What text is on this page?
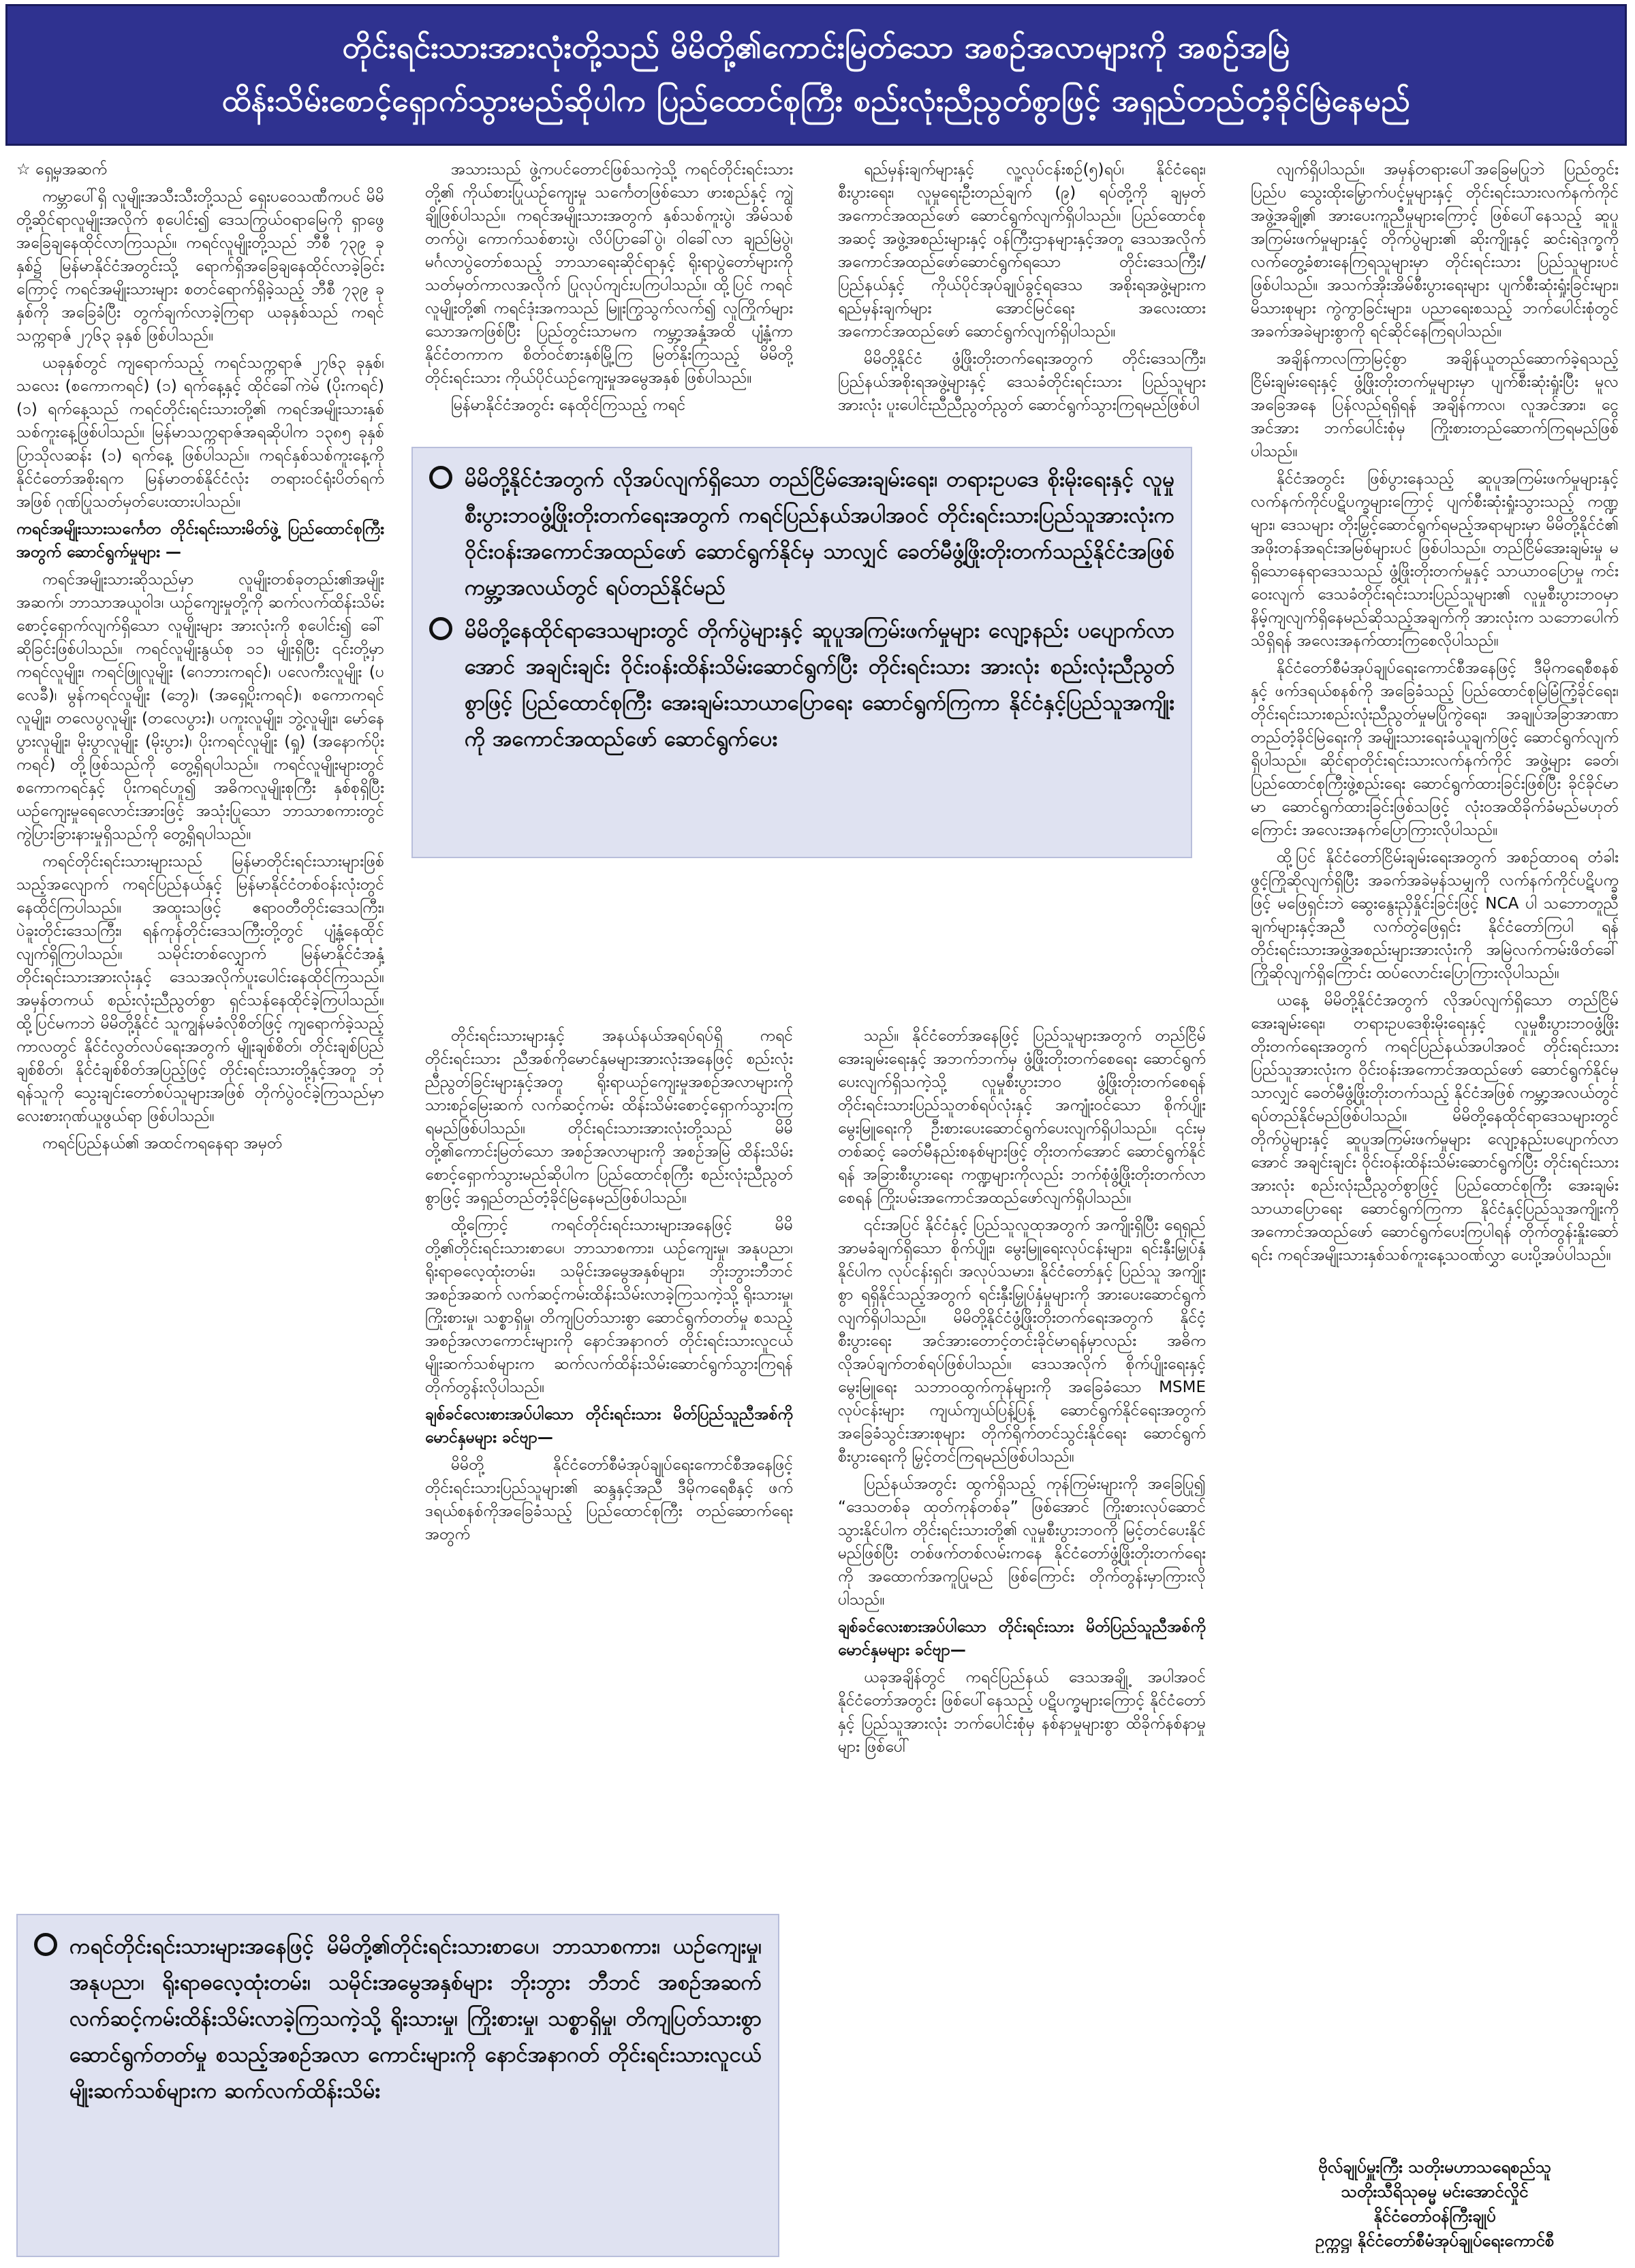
တိုင်းရင်းသားအားလုံးတို့သည် မိမိတို့၏ကောင်းမြတ်သော အစဉ်အလာများကို အစဉ်အမြဲ
ထိန်းသိမ်းစောင့်ရှောက်သွားမည်ဆိုပါက ပြည်ထောင်စုကြီး စည်းလုံးညီညွတ်စွာဖြင့် အရှည်တည်တံ့ခိုင်မြဲနေမည်

☆ ရှေ့မှအဆက်

ကမ္ဘာပေါ်ရှိ လူမျိုးအသီးသီးတို့သည် ရှေးပဝေသဏီကပင် မိမိတို့ဆိုင်ရာလူမျိုးအလိုက် စုပေါင်း၍ ဒေသကြွယ်ဝရာမြေကို ရှာဖွေအခြေချနေထိုင်လာကြသည်။ ကရင်လူမျိုးတို့သည် ဘီစီ ၇၃၉ ခုနှစ်၌ မြန်မာနိုင်ငံအတွင်းသို့ ရောက်ရှိအခြေချနေထိုင်လာခဲ့ခြင်းကြောင့် ကရင်အမျိုးသားများ စတင်ရောက်ရှိခဲ့သည့် ဘီစီ ၇၃၉ ခုနှစ်ကို အခြေခံပြီး တွက်ချက်လာခဲ့ကြရာ ယခုနှစ်သည် ကရင်သက္ကရာဇ် ၂၇၆၃ ခုနှစ် ဖြစ်ပါသည်။

ယခုနှစ်တွင် ကျရောက်သည့် ကရင်သက္ကရာဇ် ၂၇၆၃ ခုနှစ်၊ သလေး (စကောကရင်) (၁) ရက်နေ့နှင့် ထိုင်ခေါ်ကဲမ် (ပိုးကရင်) (၁) ရက်နေ့သည် ကရင်တိုင်းရင်းသားတို့၏ ကရင်အမျိုးသားနှစ်သစ်ကူးနေ့ဖြစ်ပါသည်။ မြန်မာသက္ကရာဇ်အရဆိုပါက ၁၃၈၅ ခုနှစ် ပြာသိုလဆန်း (၁) ရက်နေ့ ဖြစ်ပါသည်။ ကရင်နှစ်သစ်ကူးနေ့ကို နိုင်ငံတော်အစိုးရက မြန်မာတစ်နိုင်ငံလုံး တရားဝင်ရုံးပိတ်ရက်အဖြစ် ဂုဏ်ပြုသတ်မှတ်ပေးထားပါသည်။

ကရင်အမျိုးသားသင်္ကေတ တိုင်းရင်းသားမိတ်ဖွဲ့ ပြည်ထောင်စုကြီး အတွက် ဆောင်ရွက်မှုများ —

ကရင်အမျိုးသားဆိုသည်မှာ လူမျိုးတစ်ခုတည်း၏အမျိုးအဆက်၊ ဘာသာအယူဝါဒ၊ ယဉ်ကျေးမှုတို့ကို ဆက်လက်ထိန်းသိမ်းစောင့်ရှောက်လျက်ရှိသော လူမျိုးများ အားလုံးကို စုပေါင်း၍ ခေါ်ဆိုခြင်းဖြစ်ပါသည်။ ကရင်လူမျိုးနွယ်စု ၁၁ မျိုးရှိပြီး ၎င်းတို့မှာ ကရင်လူမျိုး၊ ကရင်ဖြူလူမျိုး (ဂေဘားကရင်)၊ ပလေကီးလူမျိုး (ပလေခီ)၊ မွန်ကရင်လူမျိုး (ဘွေ)၊ (အရှေ့ပိုးကရင်)၊ စကောကရင်လူမျိုး၊ တလေပွလူမျိုး (တလေပွား)၊ ပကူးလူမျိုး၊ ဘွဲ့လူမျိုး၊ မော်နေပွားလူမျိုး၊ မိုးပွာလူမျိုး (မိုးပွား)၊ ပိုးကရင်လူမျိုး (ရှု) (အနောက်ပိုး ကရင်) တို့ဖြစ်သည်ကို တွေ့ရှိရပါသည်။ ကရင်လူမျိုးများတွင် စကောကရင်နှင့် ပိုးကရင်ဟူ၍ အဓိကလူမျိုးစုကြီး နှစ်စုရှိပြီး ယဉ်ကျေးမှုရေလောင်းအားဖြင့် အသုံးပြုသော ဘာသာစကားတွင် ကွဲပြားခြားနားမှုရှိသည်ကို တွေ့ရှိရပါသည်။

ကရင်တိုင်းရင်းသားများသည် မြန်မာတိုင်းရင်းသားများဖြစ်သည့်အလျောက် ကရင်ပြည်နယ်နှင့် မြန်မာနိုင်ငံတစ်ဝန်းလုံးတွင် နေထိုင်ကြပါသည်။ အထူးသဖြင့် ဧရာဝတီတိုင်းဒေသကြီး၊ ပဲခူးတိုင်းဒေသကြီး၊ ရန်ကုန်တိုင်းဒေသကြီးတို့တွင် ပျံ့နှံ့နေထိုင်လျက်ရှိကြပါသည်။ သမိုင်းတစ်လျှောက် မြန်မာနိုင်ငံအနှံ့ တိုင်းရင်းသားအားလုံးနှင့် ဒေသအလိုက်ပူးပေါင်းနေထိုင်ကြသည်။ အမှန်တကယ် စည်းလုံးညီညွတ်စွာ ရှင်သန်နေထိုင်ခဲ့ကြပါသည်။ ထို့ပြင်မကဘဲ မိမိတို့နိုင်ငံ သူကျွန်မခံလိုစိတ်ဖြင့် ကျရောက်ခဲ့သည့် ကာလတွင် နိုင်ငံလွတ်လပ်ရေးအတွက် မျိုးချစ်စိတ်၊ တိုင်းချစ်ပြည်ချစ်စိတ်၊ နိုင်ငံချစ်စိတ်အပြည့်ဖြင့် တိုင်းရင်းသားတို့နှင့်အတူ ဘုံရန်သူကို သွေးချင်းတော်စပ်သူများအဖြစ် တိုက်ပွဲဝင်ခဲ့ကြသည်မှာ လေးစားဂုဏ်ယူဖွယ်ရာ ဖြစ်ပါသည်။

ကရင်ပြည်နယ်၏ အထင်ကရနေရာ အမှတ်

အသားသည် ဖွဲ့ကပင်တောင်ဖြစ်သကဲ့သို့ ကရင်တိုင်းရင်းသားတို့၏ ကိုယ်စားပြုယဉ်ကျေးမှု သင်္ကေတဖြစ်သော ဖားစည်နှင့် ကျွဲချိုဖြစ်ပါသည်။ ကရင်အမျိုးသားအတွက် နှစ်သစ်ကူးပွဲ၊ အိမ်သစ်တက်ပွဲ၊ ကောက်သစ်စားပွဲ၊ လိပ်ပြာခေါ်ပွဲ၊ ဝါခေါ်လာ ချည်မြဲပွဲ၊ မင်္ဂလာပွဲတော်စသည့် ဘာသာရေးဆိုင်ရာနှင့် ရိုးရာပွဲတော်များကို သတ်မှတ်ကာလအလိုက် ပြုလုပ်ကျင်းပကြပါသည်။ ထို့ပြင် ကရင်လူမျိုးတို့၏ ကရင်ဒုံးအကသည် မြူးကြွသွက်လက်၍ လူကြိုက်များသောအကဖြစ်ပြီး ပြည်တွင်းသာမက ကမ္ဘာ့အနှံ့အထိ ပျံ့နှံ့ကာ နိုင်ငံတကာက စိတ်ဝင်စားနှစ်မြို့ကြ မြတ်နိုးကြသည့် မိမိတို့တိုင်းရင်းသား ကိုယ်ပိုင်ယဉ်ကျေးမှုအမွေအနှစ် ဖြစ်ပါသည်။

မြန်မာနိုင်ငံအတွင်း နေထိုင်ကြသည့် ကရင်

တိုင်းရင်းသားများနှင့် အနယ်နယ်အရပ်ရပ်ရှိ ကရင်တိုင်းရင်းသား ညီအစ်ကိုမောင်နှမများအားလုံးအနေဖြင့် စည်းလုံးညီညွတ်ခြင်းများနှင့်အတူ ရိုးရာယဉ်ကျေးမှုအစဉ်အလာများကို သားစဉ်မြေးဆက် လက်ဆင့်ကမ်း ထိန်းသိမ်းစောင့်ရှောက်သွားကြရမည်ဖြစ်ပါသည်။ တိုင်းရင်းသားအားလုံးတို့သည် မိမိတို့၏ကောင်းမြတ်သော အစဉ်အလာများကို အစဉ်အမြဲ ထိန်းသိမ်းစောင့်ရှောက်သွားမည်ဆိုပါက ပြည်ထောင်စုကြီး စည်းလုံးညီညွတ်စွာဖြင့် အရှည်တည်တံ့ခိုင်မြဲနေမည်ဖြစ်ပါသည်။

ထို့ကြောင့် ကရင်တိုင်းရင်းသားများအနေဖြင့် မိမိတို့၏တိုင်းရင်းသားစာပေ၊ ဘာသာစကား၊ ယဉ်ကျေးမှု၊ အနုပညာ၊ ရိုးရာဓလေ့ထုံးတမ်း၊ သမိုင်းအမွေအနှစ်များ၊ ဘိုးဘွားဘီဘင် အစဉ်အဆက် လက်ဆင့်ကမ်းထိန်းသိမ်းလာခဲ့ကြသကဲ့သို့ ရိုးသားမှု၊ ကြိုးစားမှု၊ သစ္စာရှိမှု၊ တိကျပြတ်သားစွာ ဆောင်ရွက်တတ်မှု စသည့် အစဉ်အလာကောင်းများကို နောင်အနာဂတ် တိုင်းရင်းသားလူငယ်မျိုးဆက်သစ်များက ဆက်လက်ထိန်းသိမ်းဆောင်ရွက်သွားကြရန် တိုက်တွန်းလိုပါသည်။

ချစ်ခင်လေးစားအပ်ပါသော တိုင်းရင်းသား မိတ်ပြည်သူညီအစ်ကို မောင်နှမများ ခင်ဗျာ—

မိမိတို့ နိုင်ငံတော်စီမံအုပ်ချုပ်ရေးကောင်စီအနေဖြင့် တိုင်းရင်းသားပြည်သူများ၏ ဆန္ဒနှင့်အညီ ဒီမိုကရေစီနှင့် ဖက်ဒရယ်စနစ်ကိုအခြေခံသည့် ပြည်ထောင်စုကြီး တည်ဆောက်ရေးအတွက်

ရည်မှန်းချက်များနှင့် လူ့လုပ်ငန်းစဉ်(၅)ရပ်၊ နိုင်ငံရေး၊ စီးပွားရေး၊ လူမှုရေးဦးတည်ချက် (၉) ရပ်တို့ကို ချမှတ်အကောင်အထည်ဖော် ဆောင်ရွက်လျက်ရှိပါသည်။ ပြည်ထောင်စုအဆင့် အဖွဲ့အစည်းများနှင့် ဝန်ကြီးဌာနများနှင့်အတူ ဒေသအလိုက် အကောင်အထည်ဖော်ဆောင်ရွက်ရသော တိုင်းဒေသကြီး/ ပြည်နယ်နှင့် ကိုယ်ပိုင်အုပ်ချုပ်ခွင့်ရဒေသ အစိုးရအဖွဲ့များက ရည်မှန်းချက်များ အောင်မြင်ရေး အလေးထားအကောင်အထည်ဖော် ဆောင်ရွက်လျက်ရှိပါသည်။

မိမိတို့နိုင်ငံ ဖွံ့ဖြိုးတိုးတက်ရေးအတွက် တိုင်းဒေသကြီး၊ ပြည်နယ်အစိုးရအဖွဲ့များနှင့် ဒေသခံတိုင်းရင်းသား ပြည်သူများအားလုံး ပူးပေါင်းညီညီညွတ်ညွတ် ဆောင်ရွက်သွားကြရမည်ဖြစ်ပါ

သည်။ နိုင်ငံတော်အနေဖြင့် ပြည်သူများအတွက် တည်ငြိမ်အေးချမ်းရေးနှင့် အဘက်ဘက်မှ ဖွံ့ဖြိုးတိုးတက်စေရေး ဆောင်ရွက်ပေးလျက်ရှိသကဲ့သို့ လူမှုစီးပွားဘဝ ဖွံ့ဖြိုးတိုးတက်စေရန် တိုင်းရင်းသားပြည်သူတစ်ရပ်လုံးနှင့် အကျုံးဝင်သော စိုက်ပျိုးမွေးမြူရေးကို ဦးစားပေးဆောင်ရွက်ပေးလျက်ရှိပါသည်။ ၎င်းမှတစ်ဆင့် ခေတ်မီနည်းစနစ်များဖြင့် တိုးတက်အောင် ဆောင်ရွက်နိုင်ရန် အခြားစီးပွားရေး ကဏ္ဍများကိုလည်း ဘက်စုံဖွံ့ဖြိုးတိုးတက်လာစေရန် ကြိုးပမ်းအကောင်အထည်ဖော်လျက်ရှိပါသည်။

၎င်းအပြင် နိုင်ငံနှင့် ပြည်သူလူထုအတွက် အကျိုးရှိပြီး ရေရှည်အာမခံချက်ရှိသော စိုက်ပျိုး၊ မွေးမြူရေးလုပ်ငန်းများ၊ ရင်းနှီးမြှုပ်နှံနိုင်ပါက လုပ်ငန်းရှင်၊ အလုပ်သမား၊ နိုင်ငံတော်နှင့် ပြည်သူ အကျိုးစွာ ရရှိနိုင်သည့်အတွက် ရင်းနှီးမြှုပ်နှံမှုများကို အားပေးဆောင်ရွက်လျက်ရှိပါသည်။ မိမိတို့နိုင်ငံဖွံ့ဖြိုးတိုးတက်ရေးအတွက် နိုင်ငံ့စီးပွားရေး အင်အားတောင့်တင်းခိုင်မာရန်မှာလည်း အဓိကလိုအပ်ချက်တစ်ရပ်ဖြစ်ပါသည်။ ဒေသအလိုက် စိုက်ပျိုးရေးနှင့် မွေးမြူရေး သဘာဝထွက်ကုန်များကို အခြေခံသော MSME လုပ်ငန်းများ ကျယ်ကျယ်ပြန့်ပြန့် ဆောင်ရွက်နိုင်ရေးအတွက် အခြေခံသွင်းအားစုများ တိုက်ရိုက်တင်သွင်းနိုင်ရေး ဆောင်ရွက်စီးပွားရေးကို မြှင့်တင်ကြရမည်ဖြစ်ပါသည်။

ပြည်နယ်အတွင်း ထွက်ရှိသည့် ကုန်ကြမ်းများကို အခြေပြု၍ “ဒေသတစ်ခု ထုတ်ကုန်တစ်ခု” ဖြစ်အောင် ကြိုးစားလုပ်ဆောင်သွားနိုင်ပါက တိုင်းရင်းသားတို့၏ လူမှုစီးပွားဘဝကို မြင့်တင်ပေးနိုင်မည်ဖြစ်ပြီး တစ်ဖက်တစ်လမ်းကနေ နိုင်ငံတော်ဖွံ့ဖြိုးတိုးတက်ရေးကို အထောက်အကူပြုမည် ဖြစ်ကြောင်း တိုက်တွန်းမှာကြားလိုပါသည်။

ချစ်ခင်လေးစားအပ်ပါသော တိုင်းရင်းသား မိတ်ပြည်သူညီအစ်ကို မောင်နှမများ ခင်ဗျာ—

ယခုအချိန်တွင် ကရင်ပြည်နယ် ဒေသအချို့ အပါအဝင် နိုင်ငံတော်အတွင်း ဖြစ်ပေါ်နေသည့် ပဋိပက္ခများကြောင့် နိုင်ငံတော်နှင့် ပြည်သူအားလုံး ဘက်ပေါင်းစုံမှ နစ်နာမှုများစွာ ထိခိုက်နစ်နာမှုများ ဖြစ်ပေါ်

လျက်ရှိပါသည်။ အမှန်တရားပေါ်အခြေမပြုဘဲ ပြည်တွင်းပြည်ပ သွေးထိုးမြှောက်ပင့်မှုများနှင့် တိုင်းရင်းသားလက်နက်ကိုင်အဖွဲ့အချို့၏ အားပေးကူညီမှုများကြောင့် ဖြစ်ပေါ်နေသည့် ဆူပူအကြမ်းဖက်မှုများနှင့် တိုက်ပွဲများ၏ ဆိုးကျိုးနှင့် ဆင်းရဲဒုက္ခကို လက်တွေ့ခံစားနေကြရသူများမှာ တိုင်းရင်းသား ပြည်သူများပင် ဖြစ်ပါသည်။ အသက်အိုးအိမ်စီးပွားရေးများ ပျက်စီးဆုံးရှုံးခြင်းများ၊ မိသားစုများ ကွဲကွာခြင်းများ၊ ပညာရေးစသည့် ဘက်ပေါင်းစုံတွင် အခက်အခဲများစွာကို ရင်ဆိုင်နေကြရပါသည်။

အချိန်ကာလကြာမြင့်စွာ အချိန်ယူတည်ဆောက်ခဲ့ရသည့် ငြိမ်းချမ်းရေးနှင့် ဖွံ့ဖြိုးတိုးတက်မှုများမှာ ပျက်စီးဆုံးရှုံးပြီး မူလအခြေအနေ ပြန်လည်ရရှိရန် အချိန်ကာလ၊ လူအင်အား၊ ငွေအင်အား ဘက်ပေါင်းစုံမှ ကြိုးစားတည်ဆောက်ကြရမည်ဖြစ်ပါသည်။

နိုင်ငံအတွင်း ဖြစ်ပွားနေသည့် ဆူပူအကြမ်းဖက်မှုများနှင့် လက်နက်ကိုင်ပဋိပက္ခများကြောင့် ပျက်စီးဆုံးရှုံးသွားသည့် ကဏ္ဍများ၊ ဒေသများ တိုးမြှင့်ဆောင်ရွက်ရမည့်အရာများမှာ မိမိတို့နိုင်ငံ၏ အဖိုးတန်အရင်းအမြစ်များပင် ဖြစ်ပါသည်။ တည်ငြိမ်အေးချမ်းမှု မရှိသောနေရာဒေသသည် ဖွံ့ဖြိုးတိုးတက်မှုနှင့် သာယာဝပြောမှု ကင်းဝေးလျက် ဒေသခံတိုင်းရင်းသားပြည်သူများ၏ လူမှုစီးပွားဘဝမှာ နိမ့်ကျလျက်ရှိနေမည်ဆိုသည့်အချက်ကို အားလုံးက သဘောပေါက်သိရှိရန် အလေးအနက်ထားကြစေလိုပါသည်။

နိုင်ငံတော်စီမံအုပ်ချုပ်ရေးကောင်စီအနေဖြင့် ဒီမိုကရေစီစနစ်နှင့် ဖက်ဒရယ်စနစ်ကို အခြေခံသည့် ပြည်ထောင်စုမြဲမြံကြံ့ခိုင်ရေး၊ တိုင်းရင်းသားစည်းလုံးညီညွတ်မှုမပြိုကွဲရေး၊ အချုပ်အခြာအာဏာတည်တံ့ခိုင်မြဲရေးကို အမျိုးသားရေးခံယူချက်ဖြင့် ဆောင်ရွက်လျက်ရှိပါသည်။ ဆိုင်ရာတိုင်းရင်းသားလက်နက်ကိုင် အဖွဲ့များ ခေတ်၊ ပြည်ထောင်စုကြီးဖွဲ့စည်းရေး ဆောင်ရွက်ထားခြင်းဖြစ်ပြီး ခိုင်ခိုင်မာမာ ဆောင်ရွက်ထားခြင်းဖြစ်သဖြင့် လုံးဝအထိခိုက်ခံမည်မဟုတ်ကြောင်း အလေးအနက်ပြောကြားလိုပါသည်။

ထို့ပြင် နိုင်ငံတော်ငြိမ်းချမ်းရေးအတွက် အစဉ်ထာဝရ တံခါးဖွင့်ကြိုဆိုလျက်ရှိပြီး အခက်အခဲမှန်သမျှကို လက်နက်ကိုင်ပဋိပက္ခဖြင့် မဖြေရှင်းဘဲ ဆွေးနွေးညှိနှိုင်းခြင်းဖြင့် NCA ပါ သဘောတူညီချက်များနှင့်အညီ လက်တွဲဖြေရှင်း နိုင်ငံတော်ကြပါ ရန် တိုင်းရင်းသားအဖွဲ့အစည်းများအားလုံးကို အမြဲလက်ကမ်းဖိတ်ခေါ် ကြိုဆိုလျက်ရှိကြောင်း ထပ်လောင်းပြောကြားလိုပါသည်။

ယနေ့ မိမိတို့နိုင်ငံအတွက် လိုအပ်လျက်ရှိသော တည်ငြိမ်အေးချမ်းရေး၊ တရားဥပဒေစိုးမိုးရေးနှင့် လူမှုစီးပွားဘဝဖွံ့ဖြိုးတိုးတက်ရေးအတွက် ကရင်ပြည်နယ်အပါအဝင် တိုင်းရင်းသားပြည်သူအားလုံးက ဝိုင်းဝန်းအကောင်အထည်ဖော် ဆောင်ရွက်နိုင်မှသာလျှင် ခေတ်မီဖွံ့ဖြိုးတိုးတက်သည့် နိုင်ငံအဖြစ် ကမ္ဘာ့အလယ်တွင် ရပ်တည်နိုင်မည်ဖြစ်ပါသည်။ မိမိတို့နေထိုင်ရာဒေသများတွင် တိုက်ပွဲများနှင့် ဆူပူအကြမ်းဖက်မှုများ လျော့နည်းပပျောက်လာအောင် အချင်းချင်း ဝိုင်းဝန်းထိန်းသိမ်းဆောင်ရွက်ပြီး တိုင်းရင်းသားအားလုံး စည်းလုံးညီညွတ်စွာဖြင့် ပြည်ထောင်စုကြီး အေးချမ်းသာယာပြောရေး ဆောင်ရွက်ကြကာ နိုင်ငံနှင့်ပြည်သူအကျိုးကို အကောင်အထည်ဖော် ဆောင်ရွက်ပေးကြပါရန် တိုက်တွန်းနှိုးဆော်ရင်း ကရင်အမျိုးသားနှစ်သစ်ကူးနေ့သဝဏ်လွှာ ပေးပို့အပ်ပါသည်။

ဗိုလ်ချုပ်မှူးကြီး သတိုးမဟာသရေစည်သူ
သတိုးသီရိသုဓမ္မ မင်းအောင်လှိုင်
နိုင်ငံတော်ဝန်ကြီးချုပ်
ဥက္ကဋ္ဌ၊ နိုင်ငံတော်စီမံအုပ်ချုပ်ရေးကောင်စီ
မိမိတို့နိုင်ငံအတွက် လိုအပ်လျက်ရှိသော တည်ငြိမ်အေးချမ်းရေး၊ တရားဥပဒေ စိုးမိုးရေးနှင့် လူမှုစီးပွားဘဝဖွံ့ဖြိုးတိုးတက်ရေးအတွက် ကရင်ပြည်နယ်အပါအဝင် တိုင်းရင်းသားပြည်သူအားလုံးက ဝိုင်းဝန်းအကောင်အထည်ဖော် ဆောင်ရွက်နိုင်မှ သာလျှင် ခေတ်မီဖွံ့ဖြိုးတိုးတက်သည့်နိုင်ငံအဖြစ် ကမ္ဘာ့အလယ်တွင် ရပ်တည်နိုင်မည်
မိမိတို့နေထိုင်ရာဒေသများတွင် တိုက်ပွဲများနှင့် ဆူပူအကြမ်းဖက်မှုများ လျော့နည်း ပပျောက်လာအောင် အချင်းချင်း ဝိုင်းဝန်းထိန်းသိမ်းဆောင်ရွက်ပြီး တိုင်းရင်းသား အားလုံး စည်းလုံးညီညွတ်စွာဖြင့် ပြည်ထောင်စုကြီး အေးချမ်းသာယာပြောရေး ဆောင်ရွက်ကြကာ နိုင်ငံနှင့်ပြည်သူအကျိုးကို အကောင်အထည်ဖော် ဆောင်ရွက်ပေး
ကရင်တိုင်းရင်းသားများအနေဖြင့် မိမိတို့၏တိုင်းရင်းသားစာပေ၊ ဘာသာစကား၊ ယဉ်ကျေးမှု၊ အနုပညာ၊ ရိုးရာဓလေ့ထုံးတမ်း၊ သမိုင်းအမွေအနှစ်များ ဘိုးဘွား ဘီဘင် အစဉ်အဆက် လက်ဆင့်ကမ်းထိန်းသိမ်းလာခဲ့ကြသကဲ့သို့ ရိုးသားမှု၊ ကြိုးစားမှု၊ သစ္စာရှိမှု၊ တိကျပြတ်သားစွာ ဆောင်ရွက်တတ်မှု စသည့်အစဉ်အလာ ကောင်းများကို နောင်အနာဂတ် တိုင်းရင်းသားလူငယ်မျိုးဆက်သစ်များက ဆက်လက်ထိန်းသိမ်း
